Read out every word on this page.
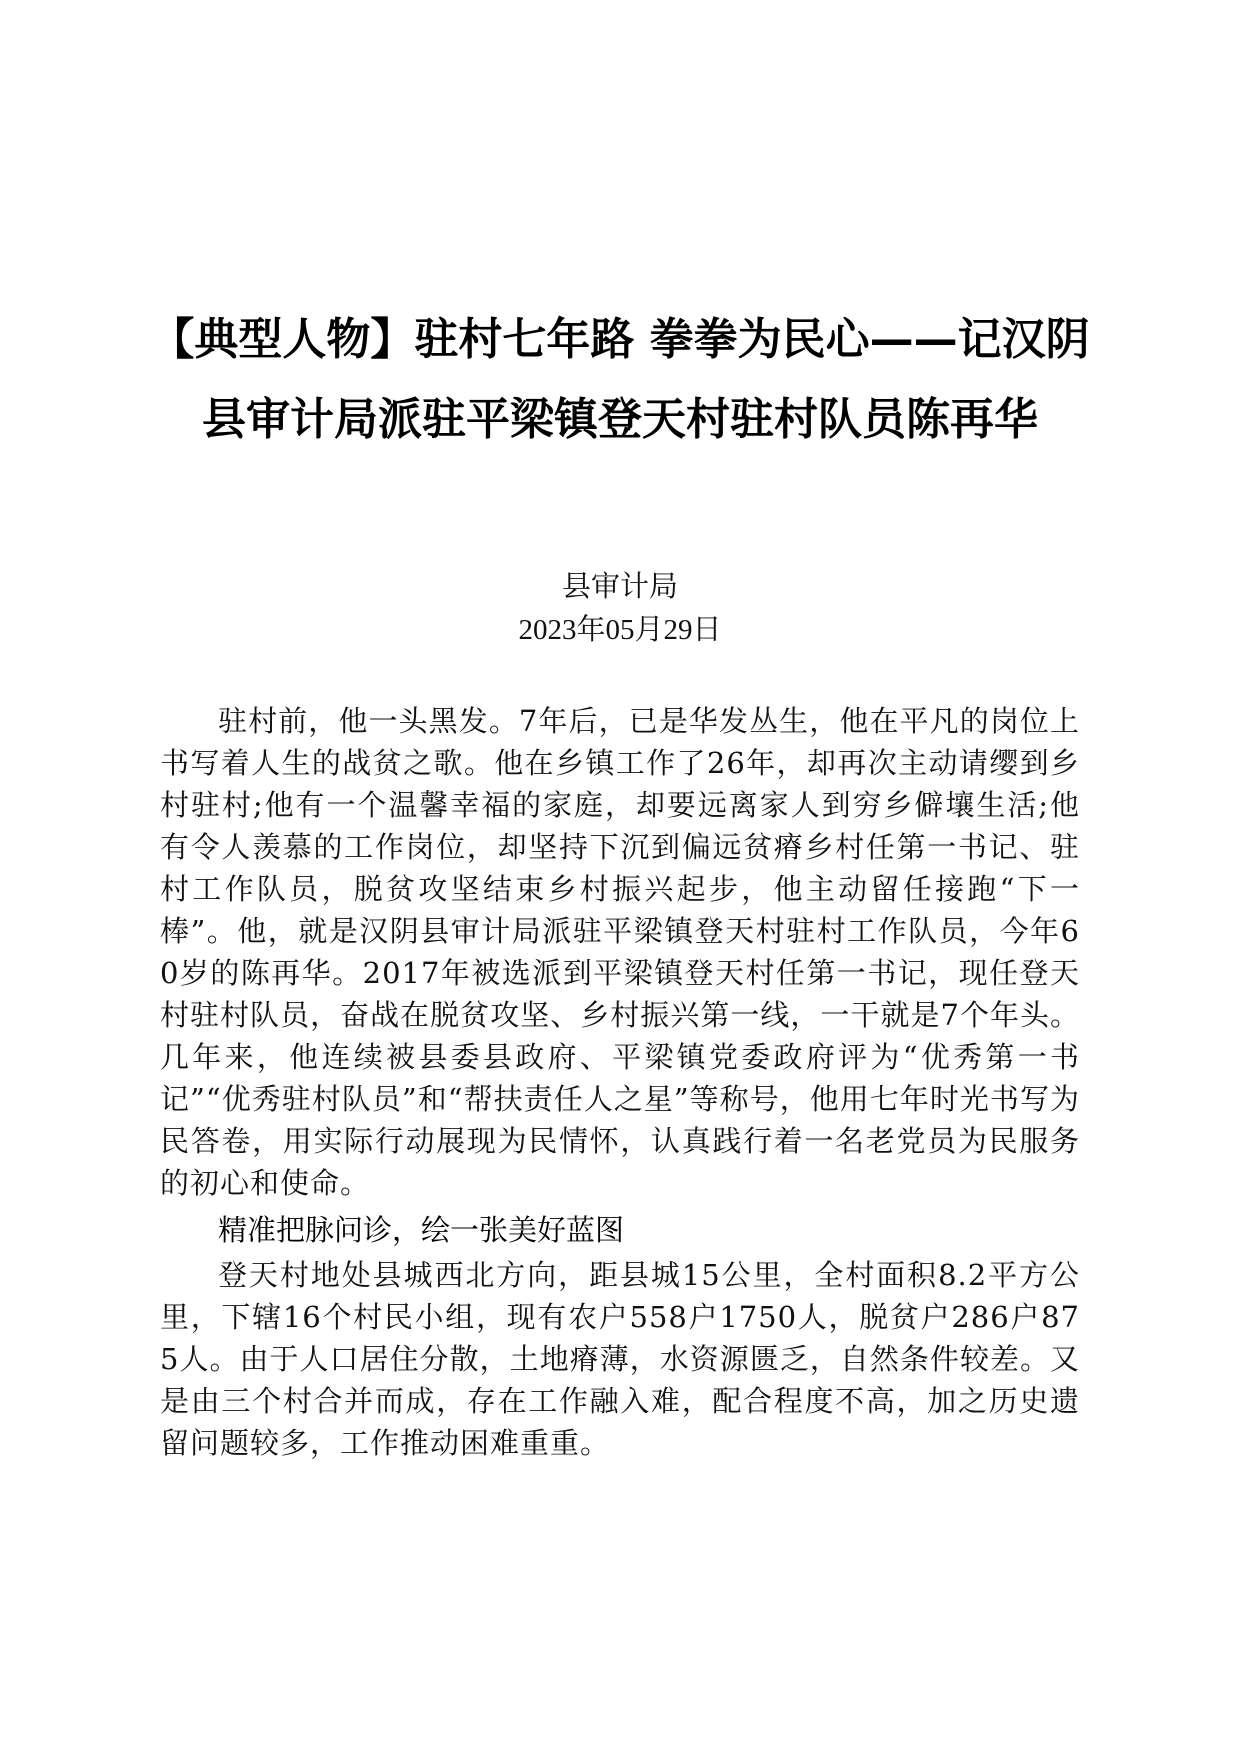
【典型人物】驻村七年路 拳拳为民心——记汉阴县审计局派驻平梁镇登天村驻村队员陈再华
县审计局
2023年05月29日

驻村前，他一头黑发。7年后，已是华发丛生，他在平凡的岗位上书写着人生的战贫之歌。他在乡镇工作了26年，却再次主动请缨到乡村驻村;他有一个温馨幸福的家庭，却要远离家人到穷乡僻壤生活;他有令人羡慕的工作岗位，却坚持下沉到偏远贫瘠乡村任第一书记、驻村工作队员，脱贫攻坚结束乡村振兴起步，他主动留任接跑“下一棒”。他，就是汉阴县审计局派驻平梁镇登天村驻村工作队员，今年60岁的陈再华。2017年被选派到平梁镇登天村任第一书记，现任登天村驻村队员，奋战在脱贫攻坚、乡村振兴第一线，一干就是7个年头。几年来，他连续被县委县政府、平梁镇党委政府评为“优秀第一书记”“优秀驻村队员”和“帮扶责任人之星”等称号，他用七年时光书写为民答卷，用实际行动展现为民情怀，认真践行着一名老党员为民服务的初心和使命。

精准把脉问诊，绘一张美好蓝图

登天村地处县城西北方向，距县城15公里，全村面积8.2平方公里，下辖16个村民小组，现有农户558户1750人，脱贫户286户875人。由于人口居住分散，土地瘠薄，水资源匮乏，自然条件较差。又是由三个村合并而成，存在工作融入难，配合程度不高，加之历史遗留问题较多，工作推动困难重重。
